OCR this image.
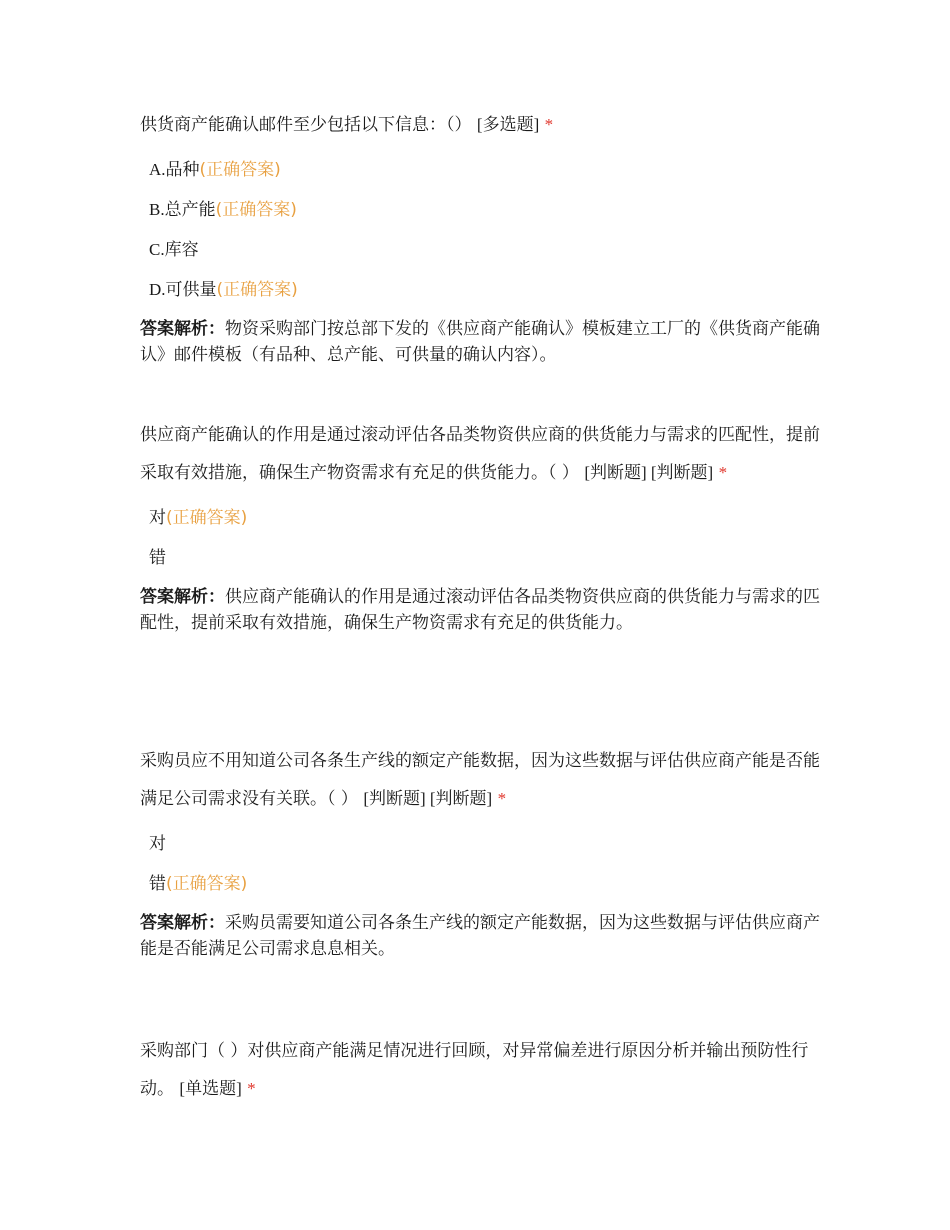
供货商产能确认邮件至少包括以下信息：（） [多选题] *

A.品种(正确答案)
B.总产能(正确答案)
C.库容
D.可供量(正确答案)

答案解析：物资采购部门按总部下发的《供应商产能确认》模板建立工厂的《供货商产能确认》邮件模板（有品种、总产能、可供量的确认内容）。

供应商产能确认的作用是通过滚动评估各品类物资供应商的供货能力与需求的匹配性，提前采取有效措施，确保生产物资需求有充足的供货能力。（ ） [判断题] [判断题] *

对(正确答案)
错

答案解析：供应商产能确认的作用是通过滚动评估各品类物资供应商的供货能力与需求的匹配性，提前采取有效措施，确保生产物资需求有充足的供货能力。

采购员应不用知道公司各条生产线的额定产能数据，因为这些数据与评估供应商产能是否能满足公司需求没有关联。（ ） [判断题] [判断题] *

对
错(正确答案)

答案解析：采购员需要知道公司各条生产线的额定产能数据，因为这些数据与评估供应商产能是否能满足公司需求息息相关。

采购部门（ ）对供应商产能满足情况进行回顾，对异常偏差进行原因分析并输出预防性行动。 [单选题] *
